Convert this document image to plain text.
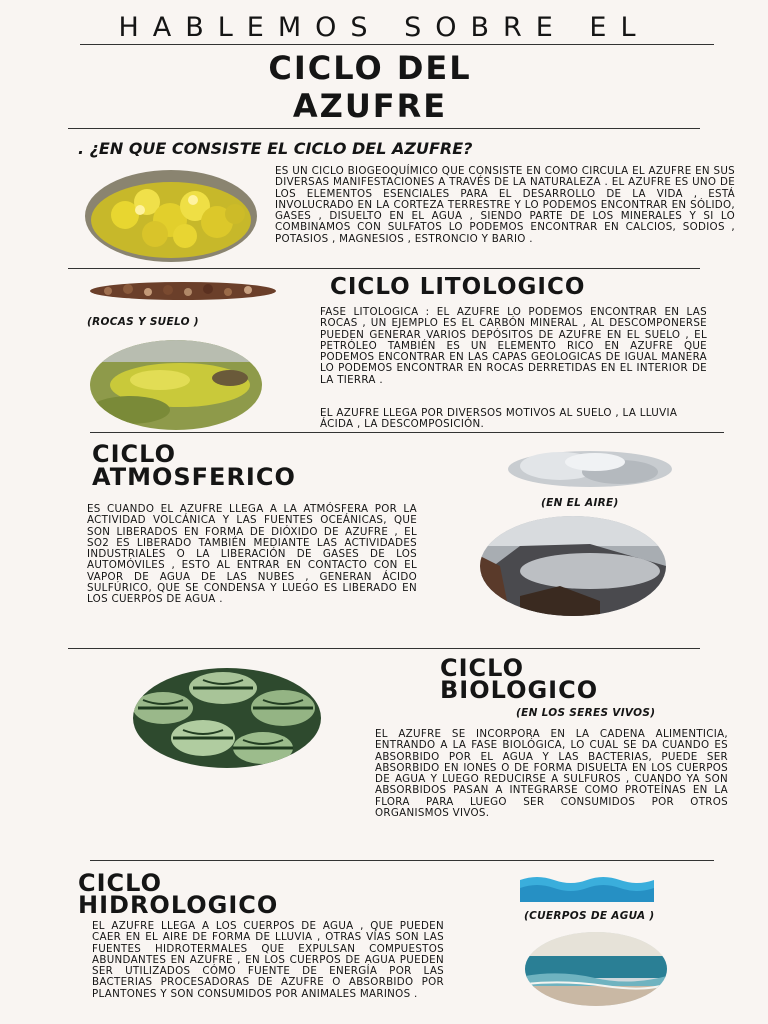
HABLEMOS SOBRE EL
CICLO DEL
AZUFRE
. ¿EN QUE CONSISTE EL CICLO DEL AZUFRE?
ES UN CICLO BIOGEOQUÍMICO QUE CONSISTE EN COMO CIRCULA EL AZUFRE EN SUS DIVERSAS MANIFESTACIONES A TRAVÉS DE LA NATURALEZA . EL AZUFRE ES UNO DE LOS ELEMENTOS ESENCIALES PARA EL DESARROLLO DE LA VIDA , ESTÁ INVOLUCRADO EN LA CORTEZA TERRESTRE Y LO PODEMOS ENCONTRAR EN SÓLIDO, GASES , DISUELTO EN EL AGUA , SIENDO PARTE DE LOS MINERALES Y SI LO COMBINAMOS CON SULFATOS LO PODEMOS ENCONTRAR EN CALCIOS, SODIOS , POTASIOS , MAGNESIOS , ESTRONCIO Y BARIO .
(ROCAS Y SUELO )
CICLO LITOLOGICO
FASE LITOLOGICA : EL AZUFRE LO PODEMOS ENCONTRAR EN LAS ROCAS , UN EJEMPLO ES EL CARBÓN MINERAL , AL DESCOMPONERSE PUEDEN GENERAR VARIOS DEPÓSITOS DE AZUFRE EN EL SUELO , EL PETRÓLEO TAMBIÉN ES UN ELEMENTO RICO EN AZUFRE QUE PODEMOS ENCONTRAR EN LAS CAPAS GEOLOGICAS DE IGUAL MANERA LO PODEMOS ENCONTRAR EN ROCAS DERRETIDAS EN EL INTERIOR DE LA TIERRA .
EL AZUFRE LLEGA POR DIVERSOS MOTIVOS AL SUELO , LA LLUVIA ÁCIDA , LA DESCOMPOSICIÓN.
CICLO
ATMOSFERICO
(EN EL AIRE)
ES CUANDO EL AZUFRE LLEGA A LA ATMÓSFERA POR LA ACTIVIDAD VOLCÁNICA Y LAS FUENTES OCEÁNICAS, QUE SON LIBERADOS EN FORMA DE DIÓXIDO DE AZUFRE , EL SO2 ES LIBERADO TAMBIÉN MEDIANTE LAS ACTIVIDADES INDUSTRIALES O LA LIBERACIÓN DE GASES DE LOS AUTOMÓVILES , ESTO AL ENTRAR EN CONTACTO CON EL VAPOR DE AGUA DE LAS NUBES , GENERAN ÁCIDO SULFÚRICO, QUE SE CONDENSA Y LUEGO ES LIBERADO EN LOS CUERPOS DE AGUA .
CICLO
BIOLOGICO
(EN LOS SERES VIVOS)
EL AZUFRE SE INCORPORA EN LA CADENA ALIMENTICIA, ENTRANDO A LA FASE BIOLÓGICA, LO CUAL SE DA CUANDO ES ABSORBIDO POR EL AGUA Y LAS BACTERIAS, PUEDE SER ABSORBIDO EN IONES O DE FORMA DISUELTA EN LOS CUERPOS DE AGUA Y LUEGO REDUCIRSE A SULFUROS , CUANDO YA SON ABSORBIDOS PASAN A INTEGRARSE COMO PROTEÍNAS EN LA FLORA PARA LUEGO SER CONSUMIDOS POR OTROS ORGANISMOS VIVOS.
CICLO
HIDROLOGICO	(CUERPOS DE AGUA )
EL AZUFRE LLEGA A LOS CUERPOS DE AGUA , QUE PUEDEN CAER EN EL AIRE DE FORMA DE LLUVIA , OTRAS VÍAS SON LAS FUENTES HIDROTERMALES QUE EXPULSAN COMPUESTOS ABUNDANTES EN AZUFRE , EN LOS CUERPOS DE AGUA PUEDEN SER UTILIZADOS CÓMO FUENTE DE ENERGÍA POR LAS BACTERIAS PROCESADORAS DE AZUFRE O ABSORBIDO POR PLANTONES Y SON CONSUMIDOS POR ANIMALES MARINOS .
